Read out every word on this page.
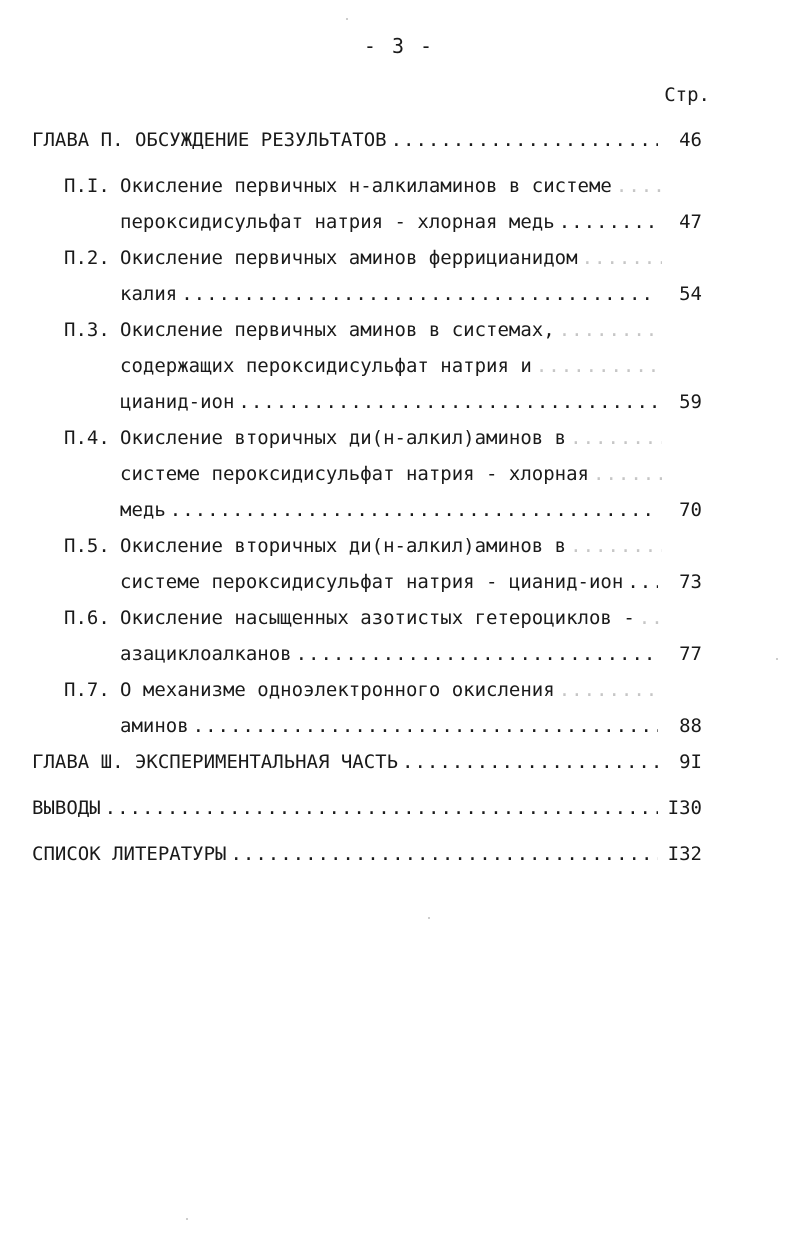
- 3 -
Стр.
ГЛАВА П. ОБСУЖДЕНИЕ РЕЗУЛЬТАТОВ .....	46
П.I. Окисление первичных н-алкиламинов в системе
.....
пероксидисульфат натрия - хлорная медь .....	47
П.2. Окисление первичных аминов феррицианидом
.....
калия .....	54
П.3. Окисление первичных аминов в системах,
.....
содержащих пероксидисульфат натрия и
.....
цианид-ион .....	59
П.4. Окисление вторичных ди(н-алкил)аминов в
.....
системе пероксидисульфат натрия - хлорная
.....
медь .....	70
П.5. Окисление вторичных ди(н-алкил)аминов в
.....
системе пероксидисульфат натрия - цианид-ион .....	73
П.6. Окисление насыщенных азотистых гетероциклов -
.....
азациклоалканов .....	77
П.7. О механизме одноэлектронного окисления
.....
аминов .....	88
ГЛАВА Ш. ЭКСПЕРИМЕНТАЛЬНАЯ ЧАСТЬ .....	9I
ВЫВОДЫ .....	I30
СПИСОК ЛИТЕРАТУРЫ .....	I32
